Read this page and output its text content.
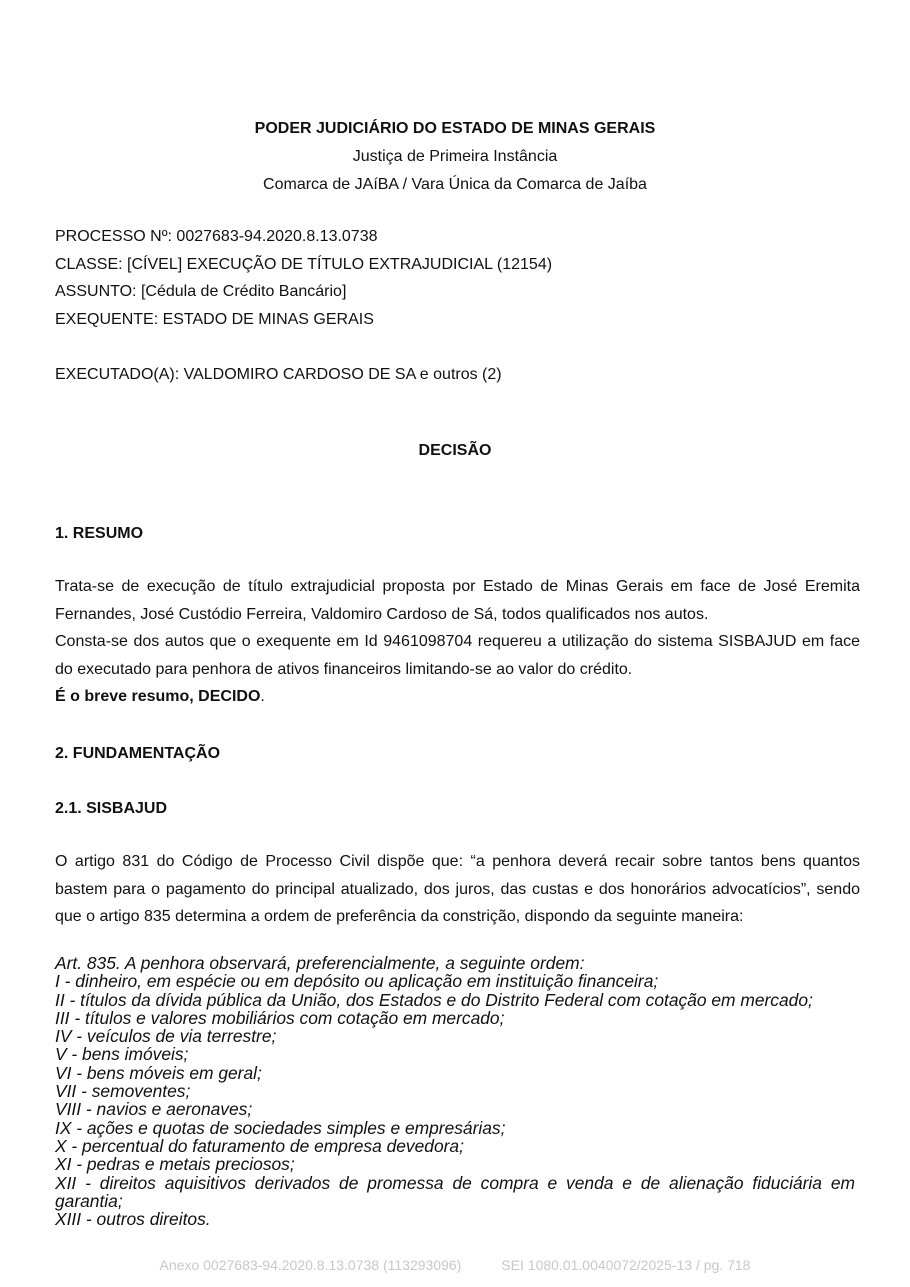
PODER JUDICIÁRIO DO ESTADO DE MINAS GERAIS
Justiça de Primeira Instância
Comarca de JAíBA / Vara Única da Comarca de Jaíba
PROCESSO Nº: 0027683-94.2020.8.13.0738
CLASSE: [CÍVEL] EXECUÇÃO DE TÍTULO EXTRAJUDICIAL (12154)
ASSUNTO: [Cédula de Crédito Bancário]
EXEQUENTE: ESTADO DE MINAS GERAIS
EXECUTADO(A): VALDOMIRO CARDOSO DE SA e outros (2)
DECISÃO
1. RESUMO

Trata-se de execução de título extrajudicial proposta por Estado de Minas Gerais em face de José Eremita Fernandes, José Custódio Ferreira, Valdomiro Cardoso de Sá, todos qualificados nos autos.

Consta-se dos autos que o exequente em Id 9461098704 requereu a utilização do sistema SISBAJUD em face do executado para penhora de ativos financeiros limitando-se ao valor do crédito.

É o breve resumo, DECIDO.

2. FUNDAMENTAÇÃO
2.1. SISBAJUD

O artigo 831 do Código de Processo Civil dispõe que: “a penhora deverá recair sobre tantos bens quantos bastem para o pagamento do principal atualizado, dos juros, das custas e dos honorários advocatícios”, sendo que o artigo 835 determina a ordem de preferência da constrição, dispondo da seguinte maneira:

Art. 835. A penhora observará, preferencialmente, a seguinte ordem:
I - dinheiro, em espécie ou em depósito ou aplicação em instituição financeira;
II - títulos da dívida pública da União, dos Estados e do Distrito Federal com cotação em mercado;
III - títulos e valores mobiliários com cotação em mercado;
IV - veículos de via terrestre;
V - bens imóveis;
VI - bens móveis em geral;
VII - semoventes;
VIII - navios e aeronaves;
IX - ações e quotas de sociedades simples e empresárias;
X - percentual do faturamento de empresa devedora;
XI - pedras e metais preciosos;
XII - direitos aquisitivos derivados de promessa de compra e venda e de alienação fiduciária em garantia;
XIII - outros direitos.
Anexo 0027683-94.2020.8.13.0738 (113293096)	SEI 1080.01.0040072/2025-13 / pg. 718
